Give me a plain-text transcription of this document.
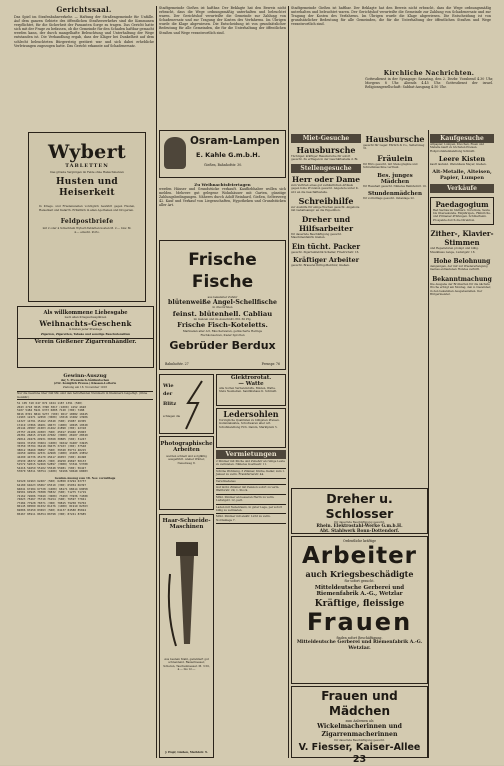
Gerichtssaal.
Das Spiel im Strafenbahnverkehr. — Haftung der Straßengemeinde für Unfälle. Auf dem ganzen Gebiete des öffentlichen Straßenverkehrs sind die Kommunen verpflichtet, für die Sicherheit der Passanten Sorge zu tragen. Das Gericht hatte sich mit der Frage zu befassen, ob die Gemeinde für den Schaden haftbar gemacht werden kann, der durch mangelhafte Beleuchtung und Unterhaltung der Wege entstanden ist. Die Verhandlung ergab, dass der Kläger bei Dunkelheit auf dem schlecht beleuchteten Bürgersteig gestürzt war und sich dabei erhebliche Verletzungen zugezogen hatte. Das Gericht erkannte auf Schadenersatz.
Wybert
TABLETTEN
Das grösste Vergnügen im Felde ohne Halsschmerzen
Husten und Heiserkeit
In Kriegs- und Friedenszeiten vorzüglich bewährt gegen Husten, Heiserkeit und Katarrh. Erhältlich in allen Apotheken und Drogerien.
Feldpostbriefe
mit 2 oder 4 Schachteln Wybert-Tabletten kosten M. 2.— bzw. M. 4.— einschl. Porto.
Als willkommene Liebesgabe
nach allen Kriegsschauplätzen
Weihnachts-Geschenk
in Kisten jeder Preislage
Zigarren, Zigaretten, Tabake und sonstige Rauchutensilien
Verein Gießener Zigarrenhändler.
Gewinn-Auszug
der 5. Preussisch-Süddeutschen
(232. Königlich Preuss.) Klassen-Lotterie
Ziehung am 18. November 1916
Nur die Gewinne über 240 Mk. sind den betreffenden Nummern in Klammern beigefügt. (Ohne Gewähr.)
51 105 310 647 872 1024 1187 1391 (500)
2043 2718 3045 3390 3817 (1000) 4152 4620
5107 5484 5921 6373 6805 7120 (300) 7488
8016 8391 8844 9273 (500) 9617 10082 10445
11903 12271 12650 (3000) 13018 13482 13906
14327 14791 15162 15540 (500) 15987 16305
17419 17866 18201 18673 (1000) 19045 19520
20144 20587 21003 21462 21890 (300) 22318
23757 24106 24583 (500) 25017 25460 25903
26381 26815 27240 27682 (3000) 28107 28549
29014 29476 29931 30368 30805 (500) 31247
32691 33150 33604 (1000) 34042 34487 34925
35350 35794 36218 36675 37103 (300) 37548
38012 38460 38897 (500) 39320 39774 40215
41650 42094 42531 42968 (1000) 43405 43852
44290 44736 45170 45617 46053 (500) 46498
47930 48372 48815 (300) 49250 49697 50133
51572 52015 52460 52897 (3000) 53341 53780
54216 54659 55102 55548 55981 (500) 56427
57870 58311 58754 (1000) 59196 59640 60083
Gewinn-Auszug vom 18. Nov. vormittags
61520 61963 62407 (500) 62850 63294 63737
64180 64623 65067 65510 (300) 65954 66397
66841 67284 67728 (1000) 68171 68614 69058
69501 69945 70388 70832 (500) 71275 71719
72162 72606 73049 (3000) 73493 73936 74380
74823 75267 75710 76154 (500) 76597 77041
77484 77928 78371 (300) 78815 79258 79702
80145 80589 81032 81476 (1000) 81919 82363
82806 83250 83693 (500) 84137 84580 85024
85467 85911 86354 86798 (300) 87241 87685
Stadtgemeinde Gießen ist haftbar. Der Beklagte hat den Beweis nicht erbracht, dass die Wege ordnungsmäßig unterhalten und beleuchtet waren. Der Gerichtshof verurteilte die Gemeinde zur Zahlung von Schadenersatz und zur Tragung der Kosten des Verfahrens. Im Übrigen wurde die Klage abgewiesen. Die Entscheidung ist von grundsätzlicher Bedeutung für alle Gemeinden, die für die Unterhaltung der öffentlichen Straßen und Wege verantwortlich sind.
Osram-Lampen
E. Kahle G.m.b.H.
Gießen, Bahnhofstr. 30.
Zu Weihnachtsfeiertagen
werden Häuser und Grundstücke verkauft. Kaufliebhaber wollen sich melden. Mehrere gut gelegene Wohnhäuser mit Garten, günstige Zahlungsbedingungen. Näheres durch Adolf Reinhard, Gießen, Seltersweg 42. Kauf und Verkauf von Liegenschaften, Hypotheken und Grundstücken aller Art.
Frische Fische
aus bekannter Zufuhr
blütenweiße Angel-Schellfische
in drei Größen
feinst. blütenhell. Cabliau
im Ganzen und im Ausschnitt, Pfd. 60 Pfg.
Frische Fisch-Koteletts.
Marinaden aller Art, Räucherwaren, geräucherte Heringe
Fischkonserven, Kieler Sprotten
Gebrüder Berdux
Bahnhofstr. 27	Fernspr. 76
Wie
der
Blitz
schlagen die
Glektrorotat.
— Watte
Alle Sorten Verbandstoffe, Binden, Watte. Stets Neuheiten. Sanitätshaus K. Schmidt.
Ledersohlen
Vorzügliche Qualitäten zu billigsten Preisen. Gummiabsätze, Schuhwaren aller Art. Schuhhandlung Hch. Damm, Marktplatz 5.
Photographische Arbeiten
werden schnell und sorgfältig ausgeführt. Atelier Winter, Neuenweg 8.
Vermietungen
2 Zimmer mit Küche und Zubehör an ruhige Leute zu vermieten. Näheres Goethestr. 11.
Schöne Wohnung, 3 Zimmer, Küche, Keller, zum 1. Januar zu verm. Frankfurterstr. 44.
Verschiedenes
Gut möbl. Zimmer mit Pension sofort zu verm. Walltorstr. 29, 1. Stock.
Möbl. Zimmer an besseren Herrn zu verm. Ludwigstr. 12, part.
Laden mit Nebenraum, in guter Lage, per sofort billig zu vermieten.
Möbl. Zimmer mit elektr. Licht zu verm. Nordanlage 7.
Haar-Schneide-Maschinen
Aus bestem Stahl, garantiert gut schneidend. Rasiermesser, Scheren, Taschenmesser. M. 3.50, 4.— bis 12.—
J. Hopf, Gießen, Marktstr. 9.
Stadtgemeinde Gießen ist haftbar. Der Beklagte hat den Beweis nicht erbracht, dass die Wege ordnungsmäßig unterhalten und beleuchtet waren. Der Gerichtshof verurteilte die Gemeinde zur Zahlung von Schadenersatz und zur Tragung der Kosten des Verfahrens. Im Übrigen wurde die Klage abgewiesen. Die Entscheidung ist von grundsätzlicher Bedeutung für alle Gemeinden, die für die Unterhaltung der öffentlichen Straßen und Wege verantwortlich sind.
Kirchliche Nachrichten.
Gottesdienst in der Synagoge: Samstag, den 2. Dezbr. Vorabend 4.30 Uhr, Morgens 8 Uhr. Abends 4.45 Uhr. Gottesdienst der israel. Religionsgesellschaft: Sabbat-Ausgang 4.50 Uhr.
Miet-Gesuche
Hausbursche
Tüchtiger, kräftiger Hausbursche für sofort gesucht. Zu erfragen in der Geschäftsstelle d. Bl.
Stellengesuche
Herr oder Dame
zum Vertrieb eines gut verkäuflichen Artikels gegen hohe Provision gesucht. Angebote unter K. 412 an die Geschäftsstelle.
Schreibhilfe
zur Aushilfe für einige Wochen gesucht. Angebote mit Gehaltsanspr. an die Expedition.
Dreher und Hilfsarbeiter
für dauernde Beschäftigung gesucht. Maschinenfabrik Gießen.
Ein tücht. Packer
gesucht. Zigarrenfabrik Schaller, Friedrichstr. 16.
Kräftiger Arbeiter
gesucht. Brauerei Ihring-Melchior, Gießen.
Hausbursche
gesucht für Lager. Ehrlich & Co., Seltersweg 31.
Fräulein
für Büro gesucht, mit Stenographie und Schreibmaschine vertraut.
Bes. junges Mädchen
für Haushalt gesucht. Näheres Bahnhofstr. 10.
Stundenmädchen
für vormittags gesucht. Ostanlage 22.
Kaufgesuche
Altpapier, Lumpen, Knochen, Eisen und Metalle kauft zu höchsten Preisen. Rohproduktenhandlung Schmidt.
Leere Kisten
kauft laufend. Warenhaus Meyer, Gießen.
Alt-Metalle, Alteisen, Papier, Lumpen
Verkäufe
Paedagogium
Bad Sachsa im Südharz. Vorschule, Sexta bis Obersekunda. Einjährigen-, Fähnrichs- und Primaner-Prüfungen. Schülerheim. Prospekte durch die Direktion.
Zither-, Klavier-Stimmen
und Reparaturen prompt und billig. Musikhaus Lange, Ludwigstr. 18.
Hohe Belohnung
demjenigen, der mir zur Wiedererlangung meines entlaufenen Hundes verhilft.
Bekanntmachung
Die Ausgabe der Brotkarten für die nächste Woche erfolgt am Montag, den 4. Dezember, in den bekannten Ausgabestellen. Der Bürgermeister.
Dreher u. Schlosser
für dauernde Beschäftigung gesucht.
Rhein. Elektrostahl-Werke G.m.b.H.
Abt. Stahlwerk Bonn-Dottendorf.
Ordentliche kräftige
Arbeiter
auch Kriegsbeschädigte
für sofort gesucht.
Mitteldeutsche Gerberei und
Riemenfabrik A.-G., Wetzlar
Kräftige, fleissige
Frauen
finden sofort Beschäftigung.
Mitteldeutsche Gerberei und Riemenfabrik A.-G.
Wetzlar.
Frauen und Mädchen
zum Anlernen als
Wickelmacherinnen und Zigarrenmacherinnen
für dauernde Beschäftigung gesucht.
V. Fiesser, Kaiser-Allee 23
